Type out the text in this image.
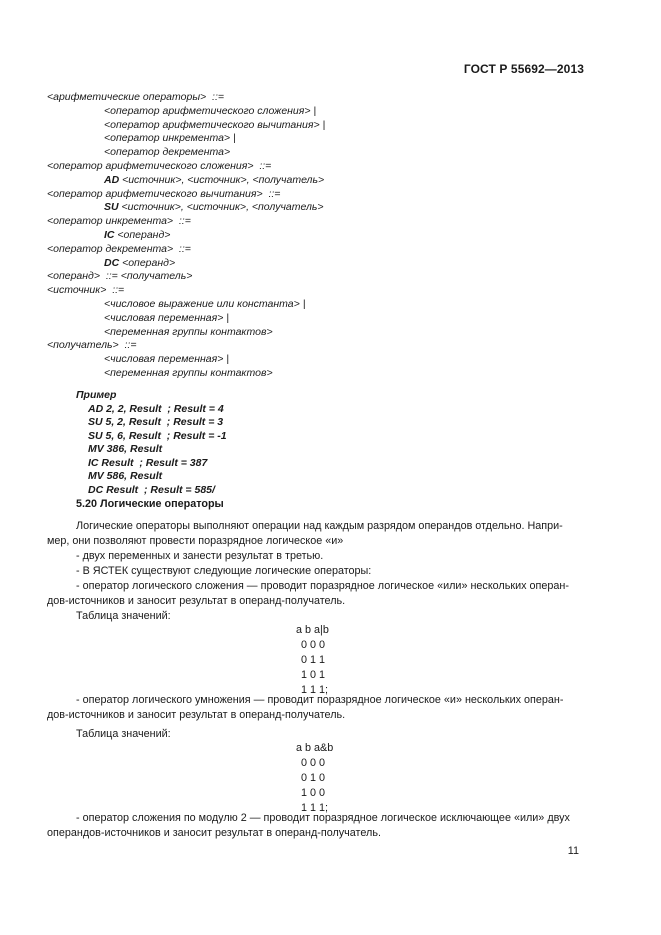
ГОСТ Р 55692—2013
<арифметические операторы>  ::=
<оператор арифметического сложения> |
<оператор арифметического вычитания> |
<оператор инкремента> |
<оператор декремента>
<оператор арифметического сложения>  ::=
AD <источник>, <источник>, <получатель>
<оператор арифметического вычитания>  ::=
SU <источник>, <источник>, <получатель>
<оператор инкремента>  ::=
IC <операнд>
<оператор декремента>  ::=
DC <операнд>
<операнд>  ::= <получатель>
<источник>  ::=
<числовое выражение или константа> |
<числовая переменная> |
<переменная группы контактов>
<получатель>  ::=
<числовая переменная> |
<переменная группы контактов>
Пример
AD 2, 2, Result  ; Result = 4
SU 5, 2, Result  ; Result = 3
SU 5, 6, Result  ; Result = -1
MV 386, Result
IC Result  ; Result = 387
MV 586, Result
DC Result  ; Result = 585/
5.20 Логические операторы
Логические операторы выполняют операции над каждым разрядом операндов отдельно. Напри-
мер, они позволяют провести поразрядное логическое «и»
- двух переменных и занести результат в третью.
- В ЯСТЕК существуют следующие логические операторы:
- оператор логического сложения — проводит поразрядное логическое «или» нескольких операн-
дов-источников и заносит результат в операнд-получатель.
Таблица значений:
a b a|b
0 0 0
0 1 1
1 0 1
1 1 1;
- оператор логического умножения — проводит поразрядное логическое «и» нескольких операн-
дов-источников и заносит результат в операнд-получатель.
Таблица значений:
a b a&b
0 0 0
0 1 0
1 0 0
1 1 1;
- оператор сложения по модулю 2 — проводит поразрядное логическое исключающее «или» двух
операндов-источников и заносит результат в операнд-получатель.
11
